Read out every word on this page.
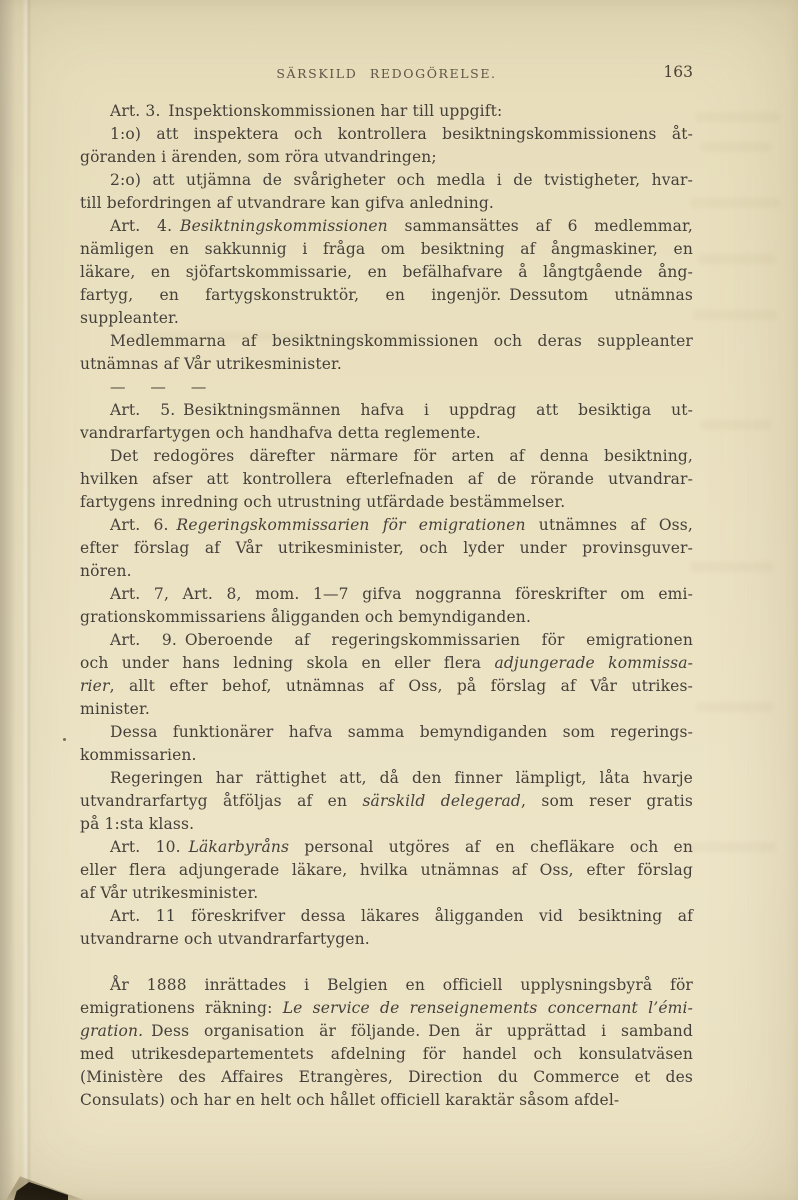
SÄRSKILD REDOGÖRELSE.	163
Art. 3. Inspektionskommissionen har till uppgift:
1:o) att inspektera och kontrollera besiktningskommissionens åt-
göranden i ärenden, som röra utvandringen;
2:o) att utjämna de svårigheter och medla i de tvistigheter, hvar-
till befordringen af utvandrare kan gifva anledning.
Art. 4. Besiktningskommissionen sammansättes af 6 medlemmar,
nämligen en sakkunnig i fråga om besiktning af ångmaskiner, en
läkare, en sjöfartskommissarie, en befälhafvare å långtgående ång-
fartyg, en fartygskonstruktör, en ingenjör. Dessutom utnämnas
suppleanter.
Medlemmarna af besiktningskommissionen och deras suppleanter
utnämnas af Vår utrikesminister.
— — —
Art. 5. Besiktningsmännen hafva i uppdrag att besiktiga ut-
vandrarfartygen och handhafva detta reglemente.
Det redogöres därefter närmare för arten af denna besiktning,
hvilken afser att kontrollera efterlefnaden af de rörande utvandrar-
fartygens inredning och utrustning utfärdade bestämmelser.
Art. 6. Regeringskommissarien för emigrationen utnämnes af Oss,
efter förslag af Vår utrikesminister, och lyder under provinsguver-
nören.
Art. 7, Art. 8, mom. 1—7 gifva noggranna föreskrifter om emi-
grationskommissariens åligganden och bemyndiganden.
Art. 9. Oberoende af regeringskommissarien för emigrationen
och under hans ledning skola en eller flera adjungerade kommissa-
rier, allt efter behof, utnämnas af Oss, på förslag af Vår utrikes-
minister.
Dessa funktionärer hafva samma bemyndiganden som regerings-
kommissarien.
Regeringen har rättighet att, då den finner lämpligt, låta hvarje
utvandrarfartyg åtföljas af en särskild delegerad, som reser gratis
på 1:sta klass.
Art. 10. Läkarbyråns personal utgöres af en chefläkare och en
eller flera adjungerade läkare, hvilka utnämnas af Oss, efter förslag
af Vår utrikesminister.
Art. 11 föreskrifver dessa läkares åligganden vid besiktning af
utvandrarne och utvandrarfartygen.
År 1888 inrättades i Belgien en officiell upplysningsbyrå för
emigrationens räkning: Le service de renseignements concernant l’émi-
gration. Dess organisation är följande. Den är upprättad i samband
med utrikesdepartementets afdelning för handel och konsulatväsen
(Ministère des Affaires Etrangères, Direction du Commerce et des
Consulats) och har en helt och hållet officiell karaktär såsom afdel-
